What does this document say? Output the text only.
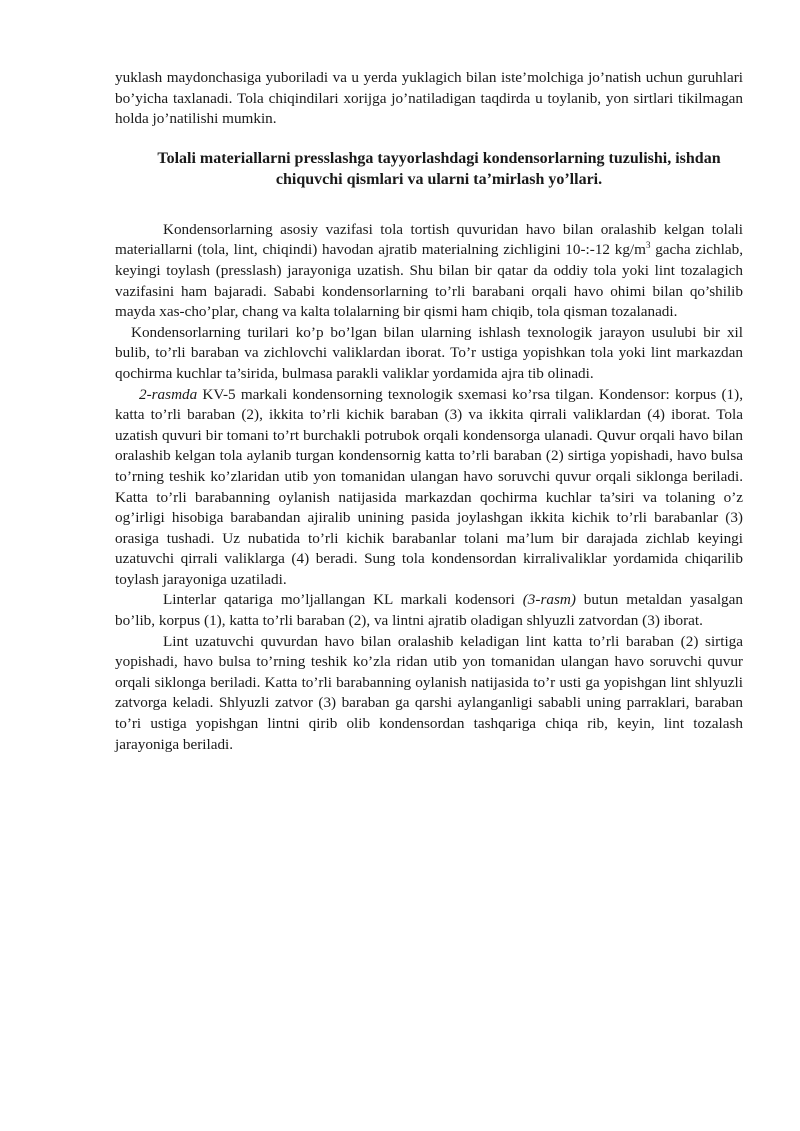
yuklash maydonchasiga yuboriladi va u yerda yuklagich bilan iste’molchiga jo’natish uchun guruhlari bo’yicha taxlanadi. Tola chiqindilari xorijga jo’natiladigan taqdirda u toylanib, yon sirtlari tikilmagan holda jo’natilishi mumkin.

Tolali materiallarni presslashga tayyorlashdagi kondensorlarning tuzulishi, ishdan chiquvchi qismlari va ularni ta’mirlash yo’llari.

Kondensorlarning asosiy vazifasi tola tortish quvuridan havo bilan oralashib kelgan tolali materiallarni (tola, lint, chiqindi) havodan ajratib materialning zichligini 10-:-12 $kg/m^3$ gacha zichlab, keyingi toylash (presslash) jarayoniga uzatish. Shu bilan bir qatar da oddiy tola yoki lint tozalagich vazifasini ham bajaradi. Sababi kondensorlarning to’rli barabani orqali havo ohimi bilan qo’shilib mayda xas-cho’plar, chang va kalta tolalarning bir qismi ham chiqib, tola qisman tozalanadi.

Kondensorlarning turilari ko’p bo’lgan bilan ularning ishlash texnologik jarayon usulubi bir xil bulib, to’rli baraban va zichlovchi valiklardan iborat. To’r ustiga yopishkan tola yoki lint markazdan qochirma kuchlar ta’sirida, bulmasa parakli valiklar yordamida ajra tib olinadi.

2-rasmda KV-5 markali kondensorning texnologik sxemasi ko’rsa tilgan. Kondensor: korpus (1), katta to’rli baraban (2), ikkita to’rli kichik baraban (3) va ikkita qirrali valiklardan (4) iborat. Tola uzatish quvuri bir tomani to’rt burchakli potrubok orqali kondensorga ulanadi. Quvur orqali havo bilan oralashib kelgan tola aylanib turgan kondensornig katta to’rli baraban (2) sirtiga yopishadi, havo bulsa to’rning teshik ko’zlaridan utib yon tomanidan ulangan havo soruvchi quvur orqali siklonga beriladi. Katta to’rli barabanning oylanish natijasida markazdan qochirma kuchlar ta’siri va tolaning o’z og’irligi hisobiga barabandan ajiralib unining pasida joylashgan ikkita kichik to’rli barabanlar (3) orasiga tushadi. Uz nubatida to’rli kichik barabanlar tolani ma’lum bir darajada zichlab keyingi uzatuvchi qirrali valiklarga (4) beradi. Sung tola kondensordan kirralivaliklar yordamida chiqarilib toylash jarayoniga uzatiladi.

Linterlar qatariga mo’ljallangan KL markali kodensori (3-rasm) butun metaldan yasalgan bo’lib, korpus (1), katta to’rli baraban (2), va lintni ajratib oladigan shlyuzli zatvordan (3) iborat.

Lint uzatuvchi quvurdan havo bilan oralashib keladigan lint katta to’rli baraban (2) sirtiga yopishadi, havo bulsa to’rning teshik ko’zla ridan utib yon tomanidan ulangan havo soruvchi quvur orqali siklonga beriladi. Katta to’rli barabanning oylanish natijasida to’r usti ga yopishgan lint shlyuzli zatvorga keladi. Shlyuzli zatvor (3) baraban ga qarshi aylanganligi sababli uning parraklari, baraban to’ri ustiga yopishgan lintni qirib olib kondensordan tashqariga chiqa rib, keyin, lint tozalash jarayoniga beriladi.
